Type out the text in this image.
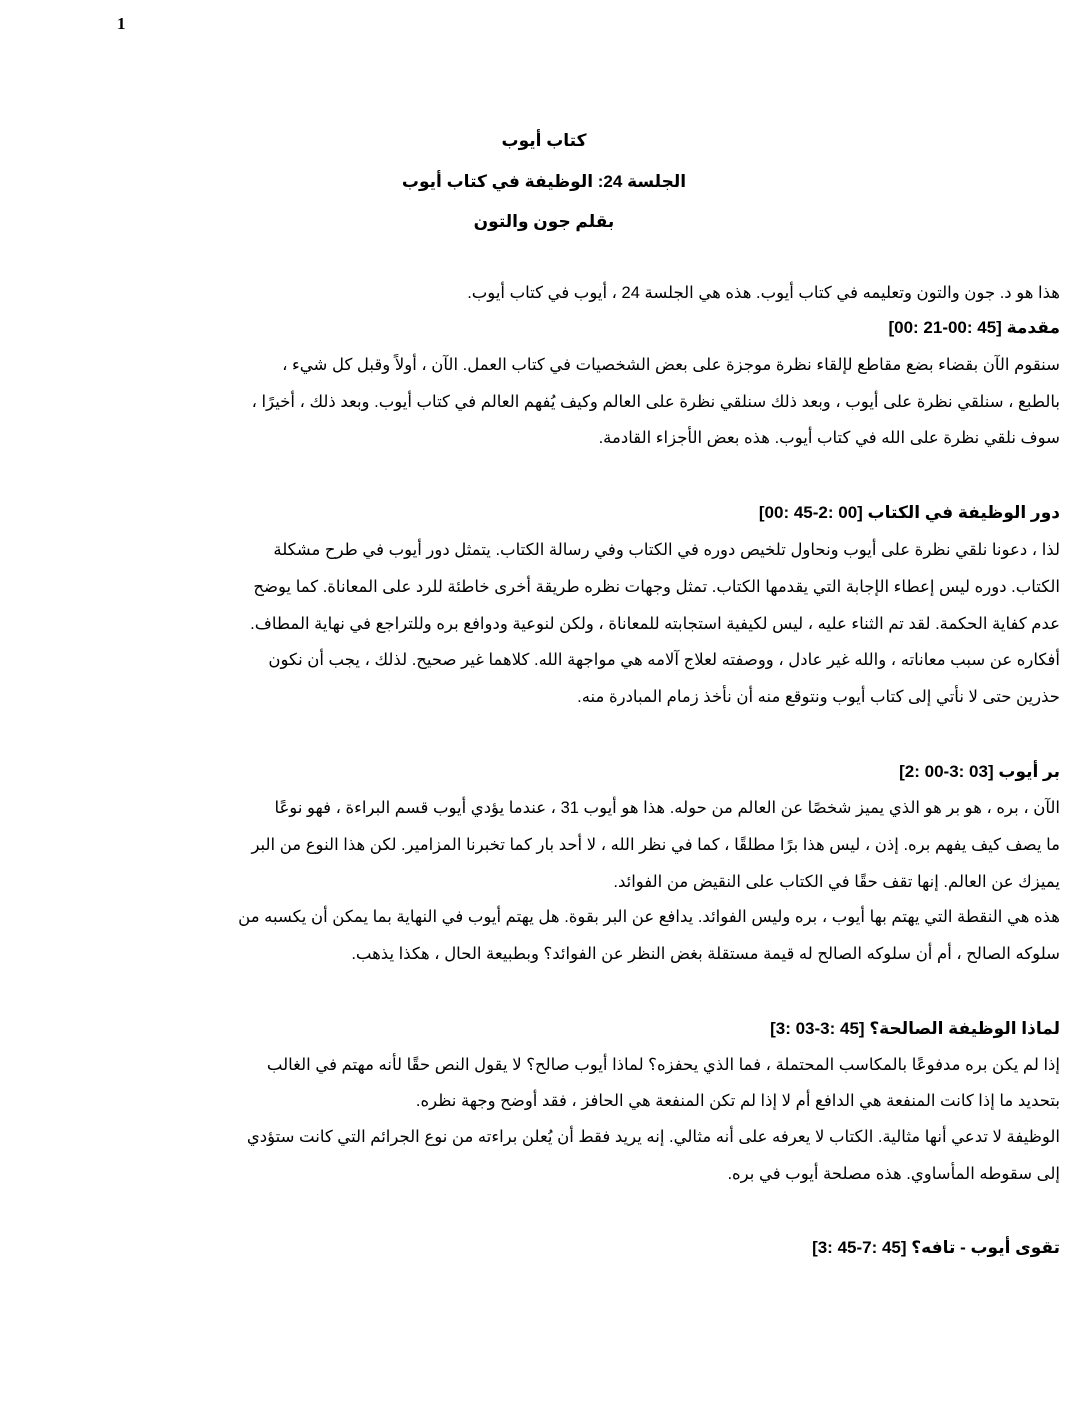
1
كتاب أيوب
الجلسة 24: الوظيفة في كتاب أيوب
بقلم جون والتون
هذا هو د. جون والتون وتعليمه في كتاب أيوب. هذه هي الجلسة 24 ، أيوب في كتاب أيوب.
مقدمة [00: 21-00: 45]
سنقوم الآن بقضاء بضع مقاطع لإلقاء نظرة موجزة على بعض الشخصيات في كتاب العمل. الآن ، أولاً وقبل كل شيء ،
بالطبع ، سنلقي نظرة على أيوب ، وبعد ذلك سنلقي نظرة على العالم وكيف يُفهم العالم في كتاب أيوب. وبعد ذلك ، أخيرًا ،
سوف نلقي نظرة على الله في كتاب أيوب. هذه بعض الأجزاء القادمة.
دور الوظيفة في الكتاب [00: 45-2: 00]
لذا ، دعونا نلقي نظرة على أيوب ونحاول تلخيص دوره في الكتاب وفي رسالة الكتاب. يتمثل دور أيوب في طرح مشكلة
الكتاب. دوره ليس إعطاء الإجابة التي يقدمها الكتاب. تمثل وجهات نظره طريقة أخرى خاطئة للرد على المعاناة. كما يوضح
عدم كفاية الحكمة. لقد تم الثناء عليه ، ليس لكيفية استجابته للمعاناة ، ولكن لنوعية ودوافع بره وللتراجع في نهاية المطاف.
أفكاره عن سبب معاناته ، والله غير عادل ، ووصفته لعلاج آلامه هي مواجهة الله. كلاهما غير صحيح. لذلك ، يجب أن نكون
حذرين حتى لا نأتي إلى كتاب أيوب ونتوقع منه أن نأخذ زمام المبادرة منه.
بر أيوب [2: 00-3: 03]
الآن ، بره ، هو بر هو الذي يميز شخصًا عن العالم من حوله. هذا هو أيوب 31 ، عندما يؤدي أيوب قسم البراءة ، فهو نوعًا
ما يصف كيف يفهم بره. إذن ، ليس هذا برًا مطلقًا ، كما في نظر الله ، لا أحد بار كما تخبرنا المزامير. لكن هذا النوع من البر
يميزك عن العالم. إنها تقف حقًا في الكتاب على النقيض من الفوائد.
هذه هي النقطة التي يهتم بها أيوب ، بره وليس الفوائد. يدافع عن البر بقوة. هل يهتم أيوب في النهاية بما يمكن أن يكسبه من
سلوكه الصالح ، أم أن سلوكه الصالح له قيمة مستقلة بغض النظر عن الفوائد؟ وبطبيعة الحال ، هكذا يذهب.
لماذا الوظيفة الصالحة؟ [3: 03-3: 45]
إذا لم يكن بره مدفوعًا بالمكاسب المحتملة ، فما الذي يحفزه؟ لماذا أيوب صالح؟ لا يقول النص حقًا لأنه مهتم في الغالب
بتحديد ما إذا كانت المنفعة هي الدافع أم لا إذا لم تكن المنفعة هي الحافز ، فقد أوضح وجهة نظره.
الوظيفة لا تدعي أنها مثالية. الكتاب لا يعرفه على أنه مثالي. إنه يريد فقط أن يُعلن براءته من نوع الجرائم التي كانت ستؤدي
إلى سقوطه المأساوي. هذه مصلحة أيوب في بره.
تقوى أيوب - تافه؟ [3: 45-7: 45]
